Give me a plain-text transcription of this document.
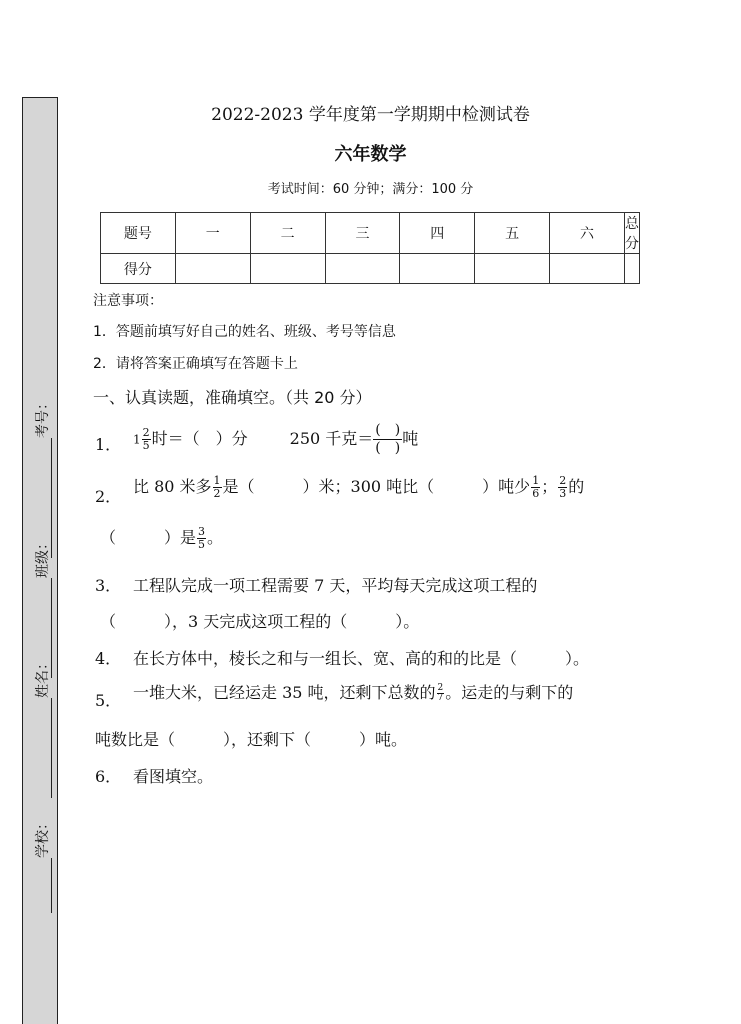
考号：
班级：
姓名：
学校：
2022-2023 学年度第一学期期中检测试卷
六年数学
考试时间：60 分钟；满分：100 分
题号	一	二	三	四	五	六	总分
得分							
注意事项：
1．答题前填写好自己的姓名、班级、考号等信息
2．请将答案正确填写在答题卡上
一、认真读题，准确填空。（共 20 分）
1． $1 \frac{2}{5}$ 时＝（　）分	250 千克＝ $\frac{( )}{( )}$ 吨
2．
比 80 米多 $\frac{1}{2}$ 是（　　　）米；300 吨比（　　　）吨少 $\frac{1}{6}$ ； $\frac{2}{3}$ 的
（　　　）是 $\frac{3}{5}$ 。
3． 工程队完成一项工程需要 7 天，平均每天完成这项工程的
（　　　），3 天完成这项工程的（　　　）。
4． 在长方体中，棱长之和与一组长、宽、高的和的比是（　　　）。
5． 一堆大米，已经运走 35 吨，还剩下总数的 $\frac{2}{7}$ 。运走的与剩下的
吨数比是（　　　），还剩下（　　　）吨。
6． 看图填空。
